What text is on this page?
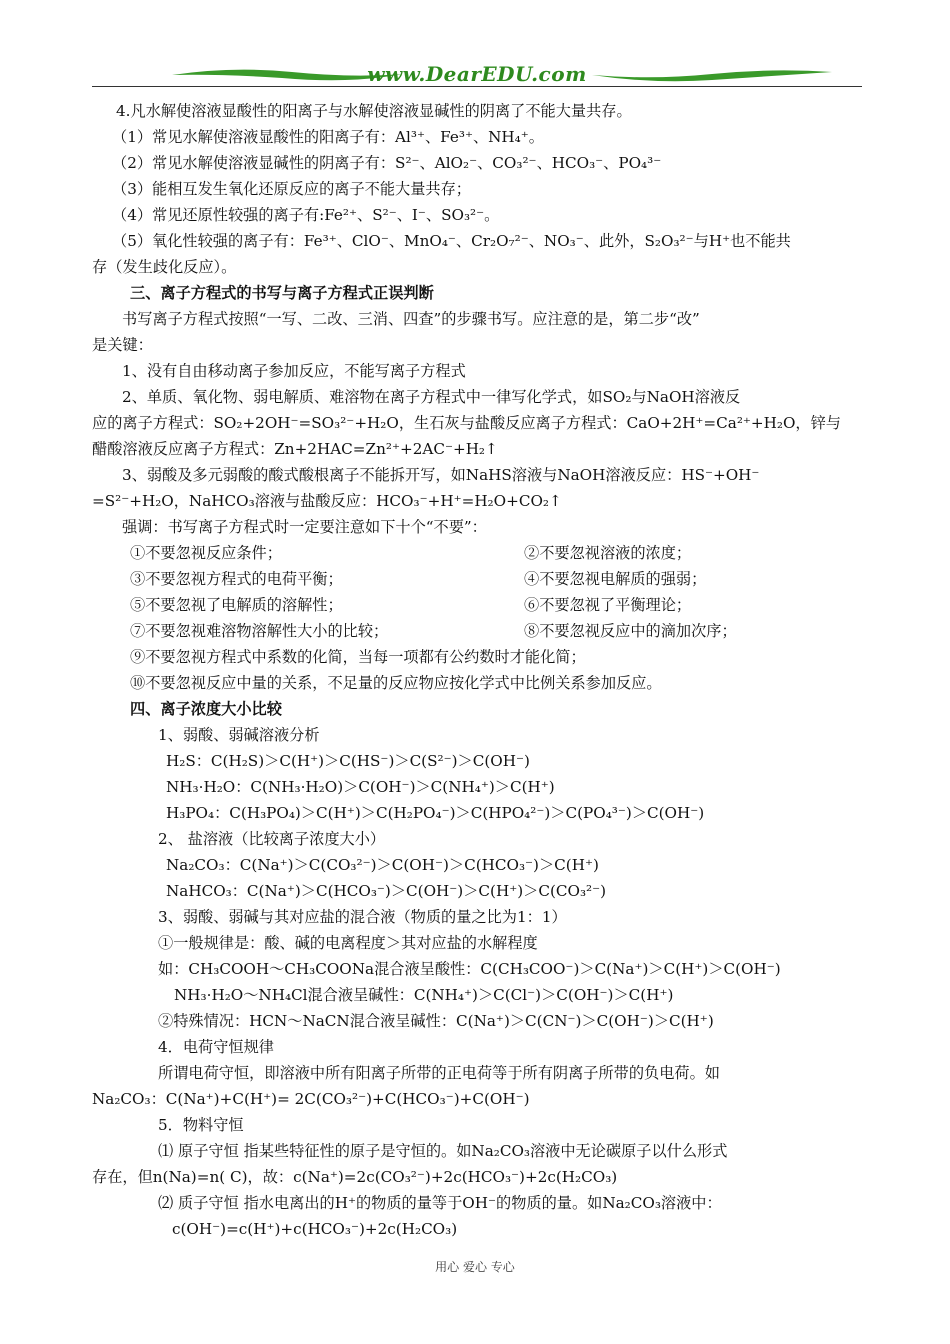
www.DearEDU.com
4.凡水解使溶液显酸性的阳离子与水解使溶液显碱性的阴离了不能大量共存。
（1）常见水解使溶液显酸性的阳离子有：Al³⁺、Fe³⁺、NH₄⁺。
（2）常见水解使溶液显碱性的阴离子有：S²⁻、AlO₂⁻、CO₃²⁻、HCO₃⁻、PO₄³⁻
（3）能相互发生氧化还原反应的离子不能大量共存；
（4）常见还原性较强的离子有:Fe²⁺、S²⁻、I⁻、SO₃²⁻。
（5）氧化性较强的离子有：Fe³⁺、ClO⁻、MnO₄⁻、Cr₂O₇²⁻、NO₃⁻、此外，S₂O₃²⁻与H⁺也不能共
存（发生歧化反应）。
三、离子方程式的书写与离子方程式正误判断
书写离子方程式按照“一写、二改、三消、四查”的步骤书写。应注意的是，第二步“改”
是关键：
1、没有自由移动离子参加反应，不能写离子方程式
2、单质、氧化物、弱电解质、难溶物在离子方程式中一律写化学式，如SO₂与NaOH溶液反
应的离子方程式：SO₂+2OH⁻=SO₃²⁻+H₂O，生石灰与盐酸反应离子方程式：CaO+2H⁺=Ca²⁺+H₂O，锌与
醋酸溶液反应离子方程式：Zn+2HAC=Zn²⁺+2AC⁻+H₂↑
3、弱酸及多元弱酸的酸式酸根离子不能拆开写，如NaHS溶液与NaOH溶液反应：HS⁻+OH⁻
=S²⁻+H₂O，NaHCO₃溶液与盐酸反应：HCO₃⁻+H⁺=H₂O+CO₂↑
强调：书写离子方程式时一定要注意如下十个“不要”：
①不要忽视反应条件；	②不要忽视溶液的浓度；
③不要忽视方程式的电荷平衡；	④不要忽视电解质的强弱；
⑤不要忽视了电解质的溶解性；	⑥不要忽视了平衡理论；
⑦不要忽视难溶物溶解性大小的比较；	⑧不要忽视反应中的滴加次序；
⑨不要忽视方程式中系数的化简，当每一项都有公约数时才能化简；
⑩不要忽视反应中量的关系，不足量的反应物应按化学式中比例关系参加反应。
四、离子浓度大小比较
1、弱酸、弱碱溶液分析
H₂S：C(H₂S)＞C(H⁺)＞C(HS⁻)＞C(S²⁻)＞C(OH⁻)
NH₃·H₂O：C(NH₃·H₂O)＞C(OH⁻)＞C(NH₄⁺)＞C(H⁺)
H₃PO₄：C(H₃PO₄)＞C(H⁺)＞C(H₂PO₄⁻)＞C(HPO₄²⁻)＞C(PO₄³⁻)＞C(OH⁻)
2、 盐溶液（比较离子浓度大小）
Na₂CO₃：C(Na⁺)＞C(CO₃²⁻)＞C(OH⁻)＞C(HCO₃⁻)＞C(H⁺)
NaHCO₃：C(Na⁺)＞C(HCO₃⁻)＞C(OH⁻)＞C(H⁺)＞C(CO₃²⁻)
3、弱酸、弱碱与其对应盐的混合液（物质的量之比为1：1）
①一般规律是：酸、碱的电离程度＞其对应盐的水解程度
如：CH₃COOH～CH₃COONa混合液呈酸性：C(CH₃COO⁻)＞C(Na⁺)＞C(H⁺)＞C(OH⁻)
NH₃·H₂O～NH₄Cl混合液呈碱性：C(NH₄⁺)＞C(Cl⁻)＞C(OH⁻)＞C(H⁺)
②特殊情况：HCN～NaCN混合液呈碱性：C(Na⁺)＞C(CN⁻)＞C(OH⁻)＞C(H⁺)
4．电荷守恒规律
所谓电荷守恒，即溶液中所有阳离子所带的正电荷等于所有阴离子所带的负电荷。如
Na₂CO₃：C(Na⁺)+C(H⁺)= 2C(CO₃²⁻)+C(HCO₃⁻)+C(OH⁻)
5．物料守恒
⑴ 原子守恒 指某些特征性的原子是守恒的。如Na₂CO₃溶液中无论碳原子以什么形式
存在，但n(Na)=n( C)，故：c(Na⁺)=2c(CO₃²⁻)+2c(HCO₃⁻)+2c(H₂CO₃)
⑵ 质子守恒 指水电离出的H⁺的物质的量等于OH⁻的物质的量。如Na₂CO₃溶液中：
c(OH⁻)=c(H⁺)+c(HCO₃⁻)+2c(H₂CO₃)
用心 爱心 专心
